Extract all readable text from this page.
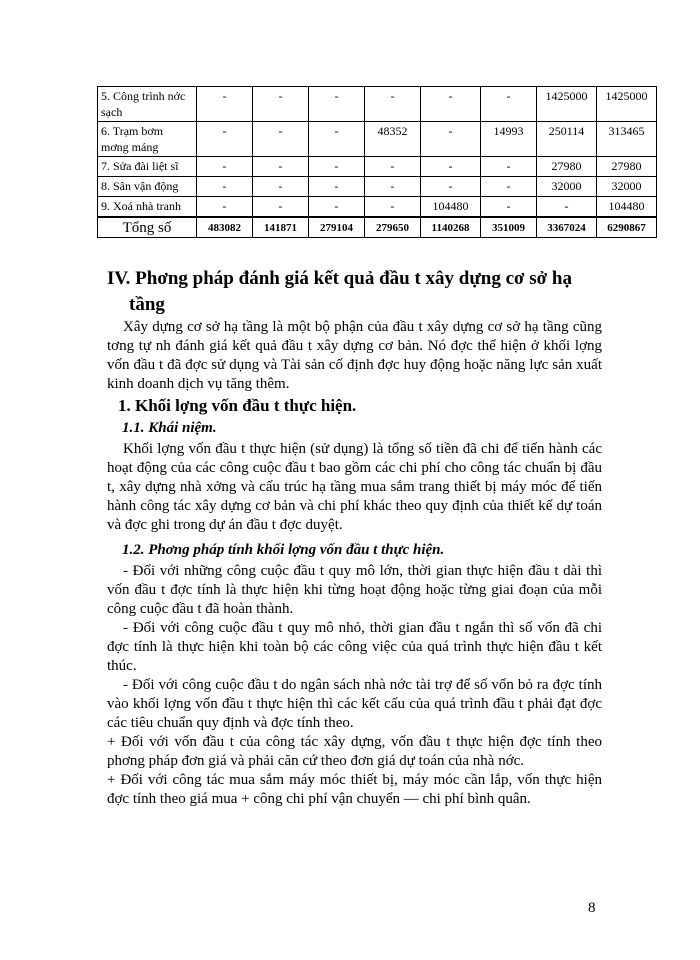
5. Công trình nớc sạch	-	-	-	-	-	-	1425000	1425000
6. Trạm bơm mơng máng	-	-	-	48352	-	14993	250114	313465
7. Sửa đài liệt sĩ	-	-	-	-	-	-	27980	27980
8. Sân vận động	-	-	-	-	-	-	32000	32000
9. Xoá nhà tranh	-	-	-	-	104480	-	-	104480
Tổng số	483082	141871	279104	279650	1140268	351009	3367024	6290867
IV. Phơng pháp đánh giá kết quả đầu t xây dựng cơ sở hạ
tầng

Xây dựng cơ sở hạ tầng là một bộ phận của đầu t xây dựng cơ sở hạ tầng cũng tơng tự nh đánh giá kết quả đầu t xây dựng cơ bản. Nó đợc thể hiện ở khối lợng vốn đầu t đã đợc sử dụng và Tài sản cố định đợc huy động hoặc năng lực sản xuất kinh doanh dịch vụ tăng thêm.

1. Khối lợng vốn đầu t thực hiện.
1.1. Khái niệm.

Khối lợng vốn đầu t thực hiện (sử dụng) là tổng số tiền đã chi để tiến hành các hoạt động của các công cuộc đầu t bao gồm các chi phí cho công tác chuẩn bị đầu t, xây dựng nhà xởng và cấu trúc hạ tầng mua sắm trang thiết bị máy móc để tiến hành công tác xây dựng cơ bản và chi phí khác theo quy định của thiết kế dự toán và đợc ghi trong dự án đầu t đợc duyệt.

1.2. Phơng pháp tính khối lợng vốn đầu t thực hiện.

- Đối với những công cuộc đầu t quy mô lớn, thời gian thực hiện đầu t dài thì vốn đầu t đợc tính là thực hiện khi từng hoạt động hoặc từng giai đoạn của mỗi công cuộc đầu t đã hoàn thành.

- Đối với công cuộc đầu t quy mô nhỏ, thời gian đầu t ngắn thì số vốn đã chi đợc tính là thực hiện khi toàn bộ các công việc của quá trình thực hiện đầu t kết thúc.

- Đối với công cuộc đầu t do ngân sách nhà nớc tài trợ để số vốn bỏ ra đợc tính vào khối lợng vốn đầu t thực hiện thì các kết cấu của quá trình đầu t phải đạt đợc các tiêu chuẩn quy định và đợc tính theo.

+ Đối với vốn đầu t của công tác xây dựng, vốn đầu t thực hiện đợc tính theo phơng pháp đơn giá và phải căn cứ theo đơn giá dự toán của nhà nớc.

+ Đối với công tác mua sắm máy móc thiết bị, máy móc cần lắp, vốn thực hiện đợc tính theo giá mua + công chi phí vận chuyển — chi phí bình quân.

8
